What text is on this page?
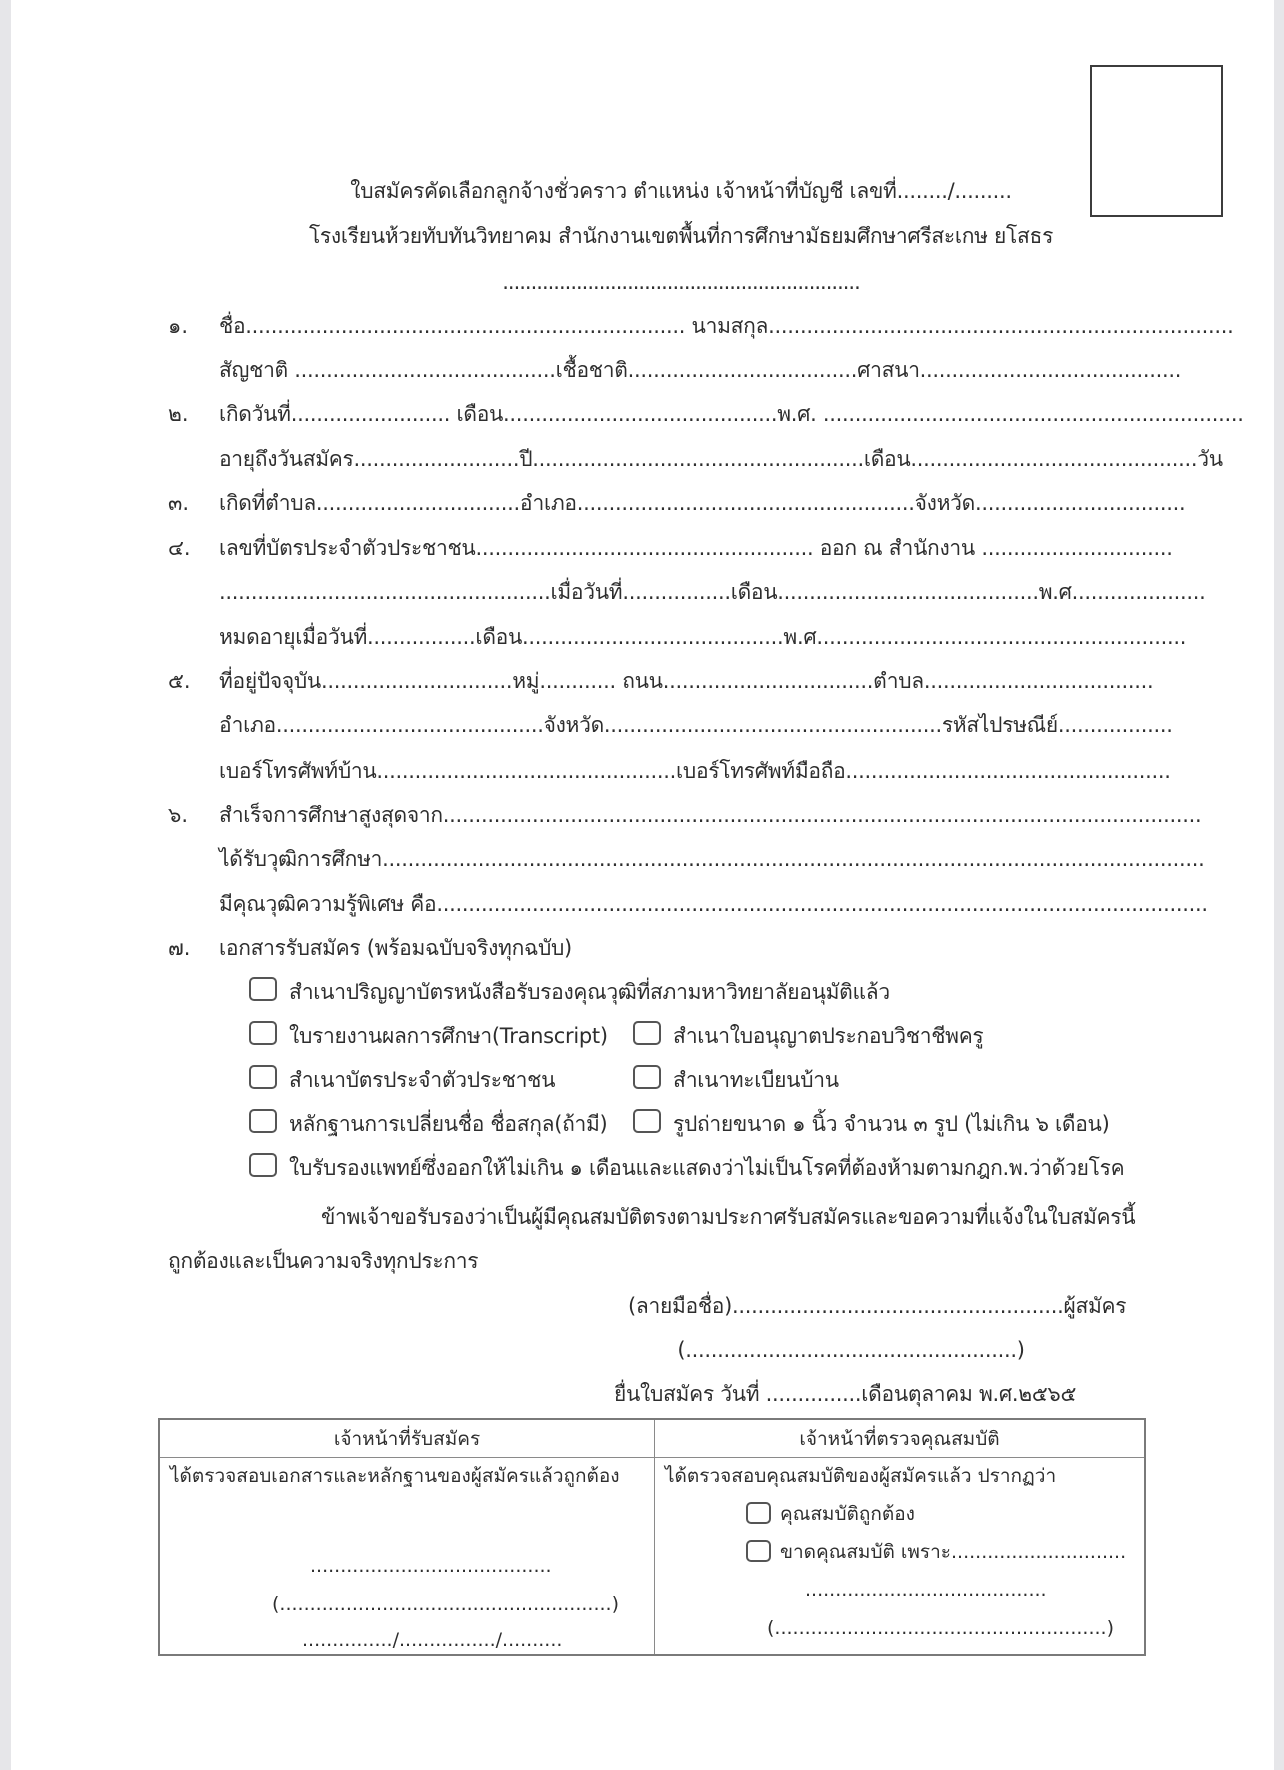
ใบสมัครคัดเลือกลูกจ้างชั่วคราว ตำแหน่ง เจ้าหน้าที่บัญชี เลขที่......../.........
โรงเรียนห้วยทับทันวิทยาคม สำนักงานเขตพื้นที่การศึกษามัธยมศึกษาศรีสะเกษ ยโสธร
...............................................................
๑. ชื่อ..................................................................... นามสกุล.........................................................................
สัญชาติ .........................................เชื้อชาติ....................................ศาสนา.........................................
๒. เกิดวันที่......................... เดือน...........................................พ.ศ. ..................................................................
อายุถึงวันสมัคร..........................ปี....................................................เดือน.............................................วัน
๓. เกิดที่ตำบล................................อำเภอ.....................................................จังหวัด.................................
๔. เลขที่บัตรประจำตัวประชาชน..................................................... ออก ณ สำนักงาน ..............................
....................................................เมื่อวันที่.................เดือน.........................................พ.ศ.....................
หมดอายุเมื่อวันที่.................เดือน.........................................พ.ศ..........................................................
๕. ที่อยู่ปัจจุบัน..............................หมู่............ ถนน.................................ตำบล....................................
อำเภอ..........................................จังหวัด.....................................................รหัสไปรษณีย์..................
เบอร์โทรศัพท์บ้าน...............................................เบอร์โทรศัพท์มือถือ...................................................
๖. สำเร็จการศึกษาสูงสุดจาก.......................................................................................................................
ได้รับวุฒิการศึกษา.................................................................................................................................
มีคุณวุฒิความรู้พิเศษ คือ.........................................................................................................................
๗. เอกสารรับสมัคร (พร้อมฉบับจริงทุกฉบับ)
สำเนาปริญญาบัตรหนังสือรับรองคุณวุฒิที่สภามหาวิทยาลัยอนุมัติแล้ว
ใบรายงานผลการศึกษา(Transcript)	สำเนาใบอนุญาตประกอบวิชาชีพครู
สำเนาบัตรประจำตัวประชาชน	สำเนาทะเบียนบ้าน
หลักฐานการเปลี่ยนชื่อ ชื่อสกุล(ถ้ามี)	รูปถ่ายขนาด ๑ นิ้ว จำนวน ๓ รูป (ไม่เกิน ๖ เดือน)
ใบรับรองแพทย์ซึ่งออกให้ไม่เกิน ๑ เดือนและแสดงว่าไม่เป็นโรคที่ต้องห้ามตามกฎก.พ.ว่าด้วยโรค
ข้าพเจ้าขอรับรองว่าเป็นผู้มีคุณสมบัติตรงตามประกาศรับสมัครและขอความที่แจ้งในใบสมัครนี้
ถูกต้องและเป็นความจริงทุกประการ
(ลายมือชื่อ)....................................................ผู้สมัคร
(....................................................)
ยื่นใบสมัคร วันที่ ...............เดือนตุลาคม พ.ศ.๒๕๖๕
เจ้าหน้าที่รับสมัคร	เจ้าหน้าที่ตรวจคุณสมบัติ

ได้ตรวจสอบเอกสารและหลักฐานของผู้สมัครแล้วถูกต้อง
........................................
(.......................................................)
.............../................/..........

ได้ตรวจสอบคุณสมบัติของผู้สมัครแล้ว ปรากฏว่า
คุณสมบัติถูกต้อง
ขาดคุณสมบัติ เพราะ.............................
........................................
(.......................................................)
